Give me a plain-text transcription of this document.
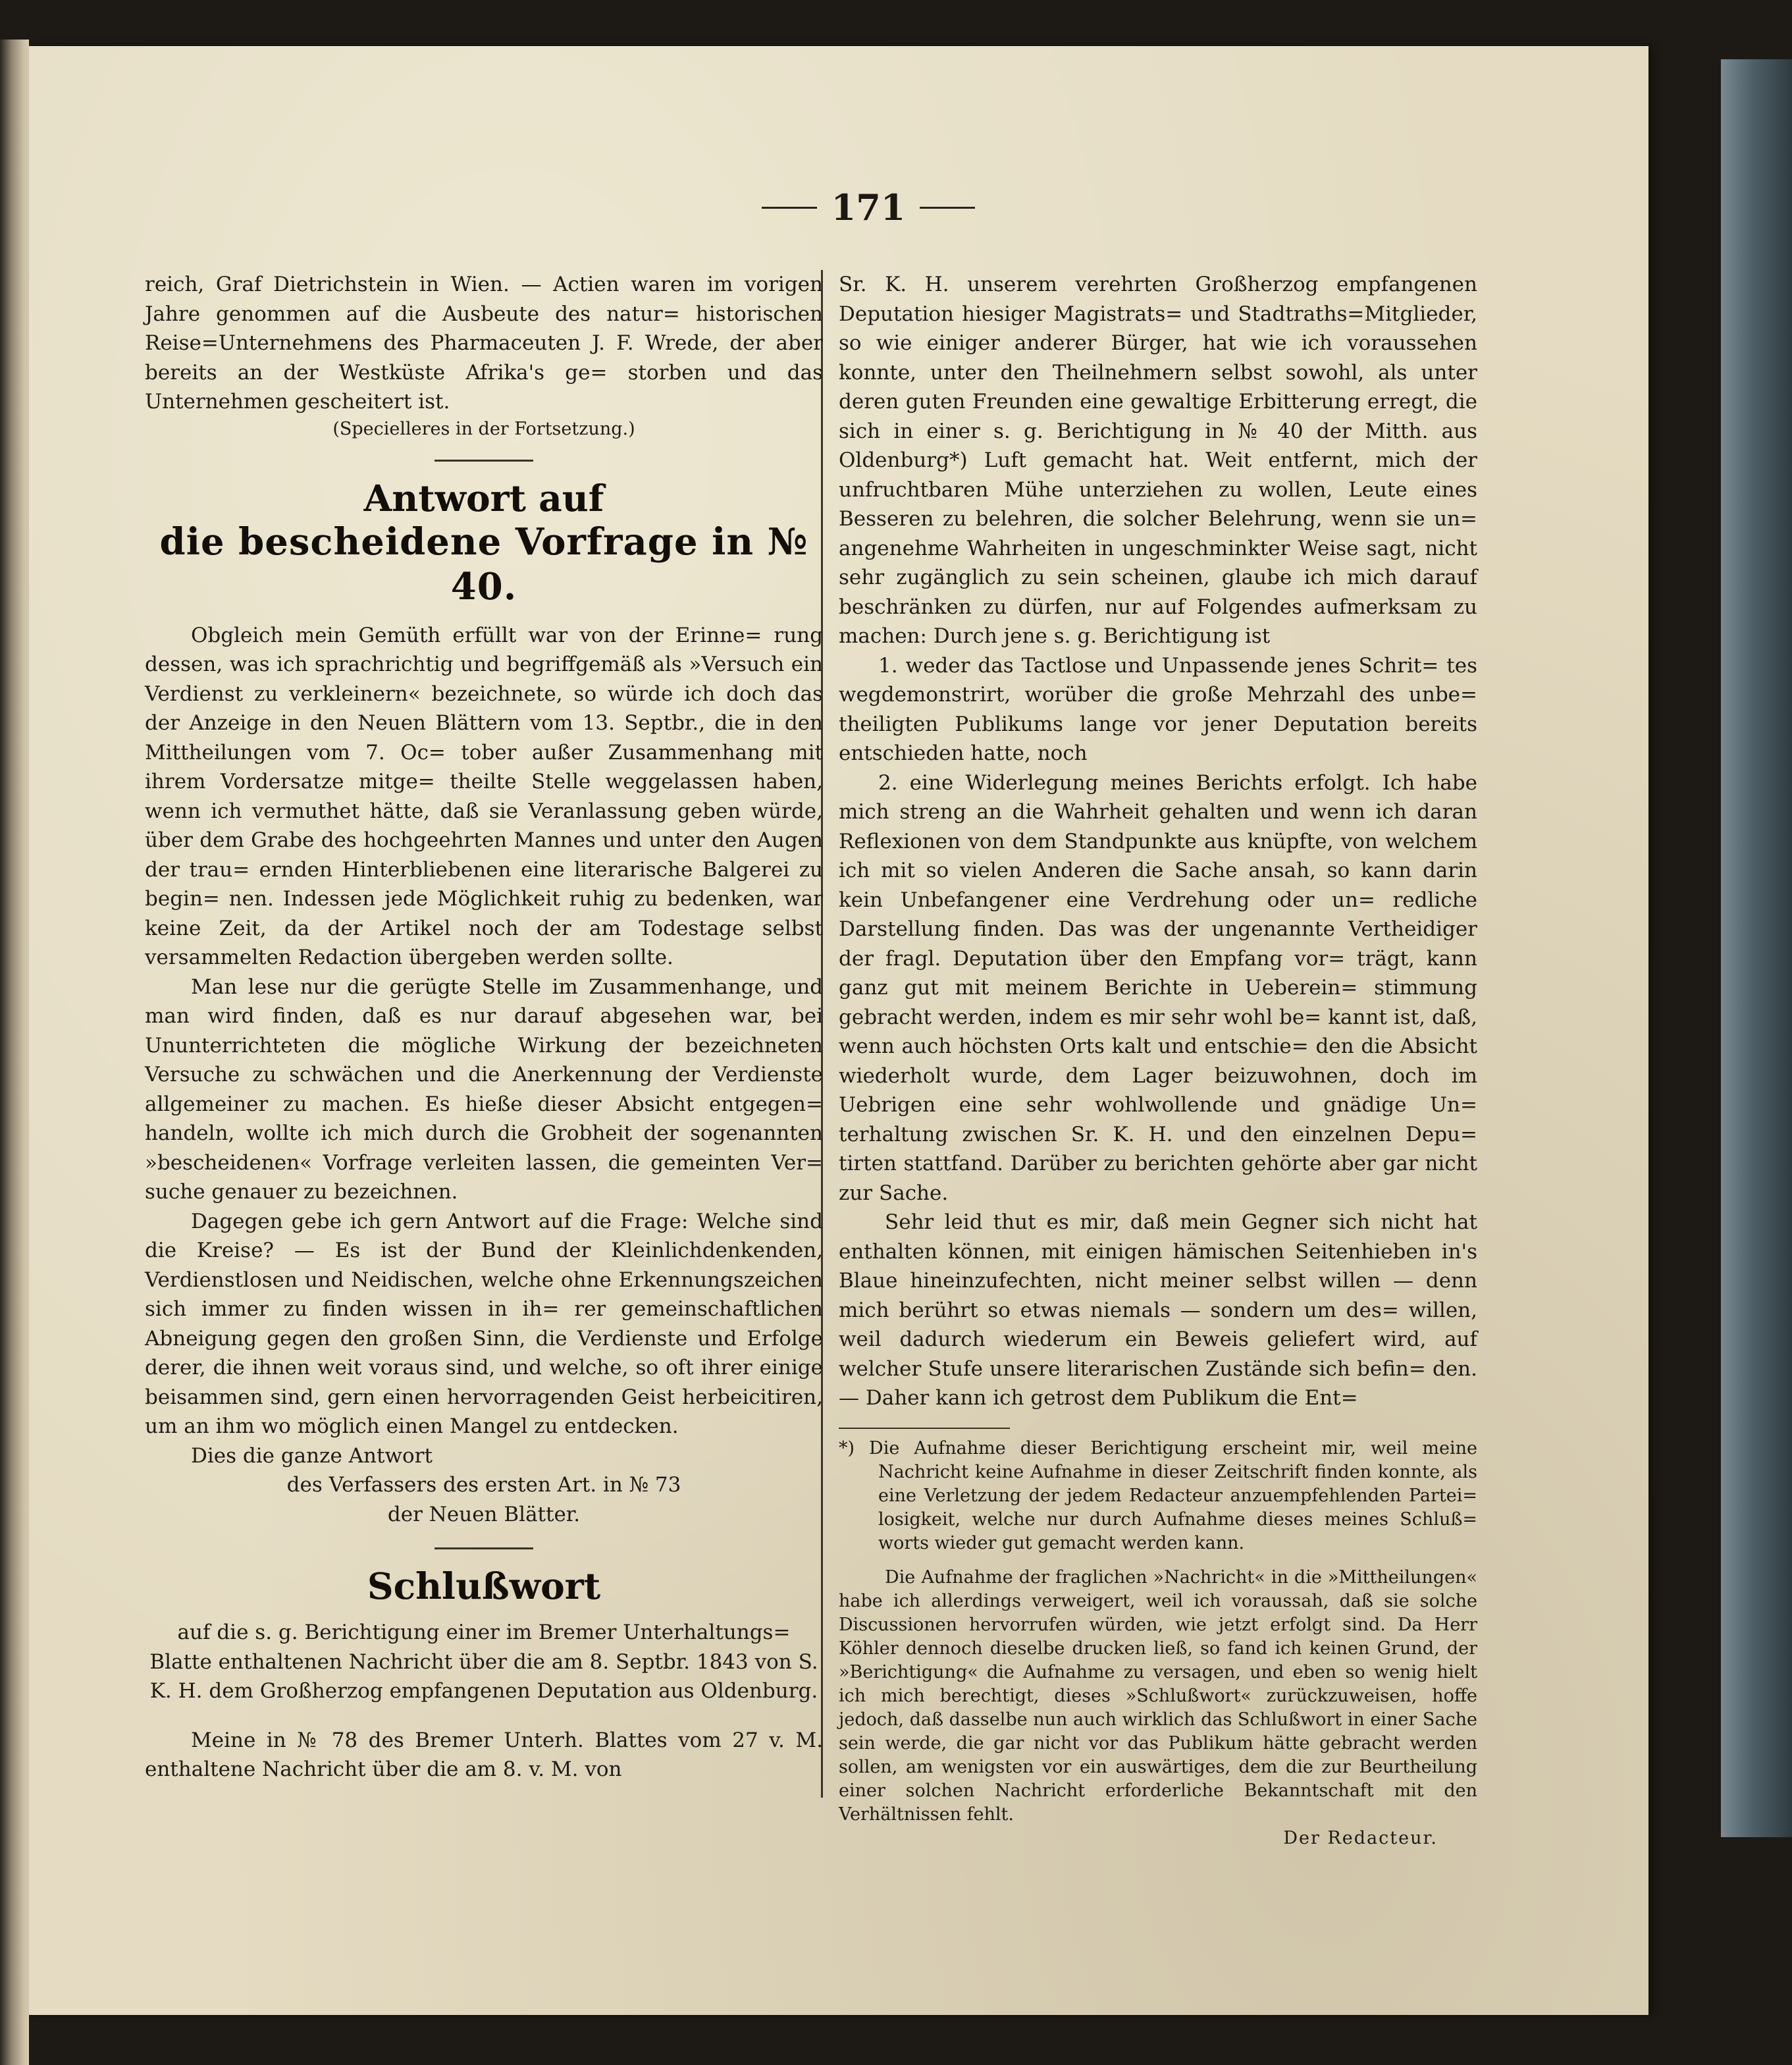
171

reich, Graf Dietrichstein in Wien. — Actien waren im vorigen Jahre genommen auf die Ausbeute des natur= historischen Reise=Unternehmens des Pharmaceuten J. F. Wrede, der aber bereits an der Westküste Afrika's ge= storben und das Unternehmen gescheitert ist.

(Specielleres in der Fortsetzung.)

Antwort auf

die bescheidene Vorfrage in № 40.

Obgleich mein Gemüth erfüllt war von der Erinne= rung dessen, was ich sprachrichtig und begriffgemäß als »Versuch ein Verdienst zu verkleinern« bezeichnete, so würde ich doch das der Anzeige in den Neuen Blättern vom 13. Septbr., die in den Mittheilungen vom 7. Oc= tober außer Zusammenhang mit ihrem Vordersatze mitge= theilte Stelle weggelassen haben, wenn ich vermuthet hätte, daß sie Veranlassung geben würde, über dem Grabe des hochgeehrten Mannes und unter den Augen der trau= ernden Hinterbliebenen eine literarische Balgerei zu begin= nen. Indessen jede Möglichkeit ruhig zu bedenken, war keine Zeit, da der Artikel noch der am Todestage selbst versammelten Redaction übergeben werden sollte.

Man lese nur die gerügte Stelle im Zusammenhange, und man wird finden, daß es nur darauf abgesehen war, bei Ununterrichteten die mögliche Wirkung der bezeichneten Versuche zu schwächen und die Anerkennung der Verdienste allgemeiner zu machen. Es hieße dieser Absicht entgegen= handeln, wollte ich mich durch die Grobheit der sogenannten »bescheidenen« Vorfrage verleiten lassen, die gemeinten Ver= suche genauer zu bezeichnen.

Dagegen gebe ich gern Antwort auf die Frage: Welche sind die Kreise? — Es ist der Bund der Kleinlichdenkenden, Verdienstlosen und Neidischen, welche ohne Erkennungszeichen sich immer zu finden wissen in ih= rer gemeinschaftlichen Abneigung gegen den großen Sinn, die Verdienste und Erfolge derer, die ihnen weit voraus sind, und welche, so oft ihrer einige beisammen sind, gern einen hervorragenden Geist herbeicitiren, um an ihm wo möglich einen Mangel zu entdecken.

Dies die ganze Antwort

des Verfassers des ersten Art. in № 73

der Neuen Blätter.

Schlußwort

auf die s. g. Berichtigung einer im Bremer Unterhaltungs= Blatte enthaltenen Nachricht über die am 8. Septbr. 1843 von S. K. H. dem Großherzog empfangenen Deputation aus Oldenburg.

Meine in № 78 des Bremer Unterh. Blattes vom 27 v. M. enthaltene Nachricht über die am 8. v. M. von

Sr. K. H. unserem verehrten Großherzog empfangenen Deputation hiesiger Magistrats= und Stadtraths=Mitglieder, so wie einiger anderer Bürger, hat wie ich voraussehen konnte, unter den Theilnehmern selbst sowohl, als unter deren guten Freunden eine gewaltige Erbitterung erregt, die sich in einer s. g. Berichtigung in № 40 der Mitth. aus Oldenburg*) Luft gemacht hat. Weit entfernt, mich der unfruchtbaren Mühe unterziehen zu wollen, Leute eines Besseren zu belehren, die solcher Belehrung, wenn sie un= angenehme Wahrheiten in ungeschminkter Weise sagt, nicht sehr zugänglich zu sein scheinen, glaube ich mich darauf beschränken zu dürfen, nur auf Folgendes aufmerksam zu machen: Durch jene s. g. Berichtigung ist

1. weder das Tactlose und Unpassende jenes Schrit= tes wegdemonstrirt, worüber die große Mehrzahl des unbe= theiligten Publikums lange vor jener Deputation bereits entschieden hatte, noch

2. eine Widerlegung meines Berichts erfolgt. Ich habe mich streng an die Wahrheit gehalten und wenn ich daran Reflexionen von dem Standpunkte aus knüpfte, von welchem ich mit so vielen Anderen die Sache ansah, so kann darin kein Unbefangener eine Verdrehung oder un= redliche Darstellung finden. Das was der ungenannte Vertheidiger der fragl. Deputation über den Empfang vor= trägt, kann ganz gut mit meinem Berichte in Ueberein= stimmung gebracht werden, indem es mir sehr wohl be= kannt ist, daß, wenn auch höchsten Orts kalt und entschie= den die Absicht wiederholt wurde, dem Lager beizuwohnen, doch im Uebrigen eine sehr wohlwollende und gnädige Un= terhaltung zwischen Sr. K. H. und den einzelnen Depu= tirten stattfand. Darüber zu berichten gehörte aber gar nicht zur Sache.

Sehr leid thut es mir, daß mein Gegner sich nicht hat enthalten können, mit einigen hämischen Seitenhieben in's Blaue hineinzufechten, nicht meiner selbst willen — denn mich berührt so etwas niemals — sondern um des= willen, weil dadurch wiederum ein Beweis geliefert wird, auf welcher Stufe unsere literarischen Zustände sich befin= den. — Daher kann ich getrost dem Publikum die Ent=

*) Die Aufnahme dieser Berichtigung erscheint mir, weil meine Nachricht keine Aufnahme in dieser Zeitschrift finden konnte, als eine Verletzung der jedem Redacteur anzuempfehlenden Partei= losigkeit, welche nur durch Aufnahme dieses meines Schluß= worts wieder gut gemacht werden kann.

Die Aufnahme der fraglichen »Nachricht« in die »Mittheilungen« habe ich allerdings verweigert, weil ich voraussah, daß sie solche Discussionen hervorrufen würden, wie jetzt erfolgt sind. Da Herr Köhler dennoch dieselbe drucken ließ, so fand ich keinen Grund, der »Berichtigung« die Aufnahme zu versagen, und eben so wenig hielt ich mich berechtigt, dieses »Schlußwort« zurückzuweisen, hoffe jedoch, daß dasselbe nun auch wirklich das Schlußwort in einer Sache sein werde, die gar nicht vor das Publikum hätte gebracht werden sollen, am wenigsten vor ein auswärtiges, dem die zur Beurtheilung einer solchen Nachricht erforderliche Bekanntschaft mit den Verhältnissen fehlt.

Der Redacteur.
